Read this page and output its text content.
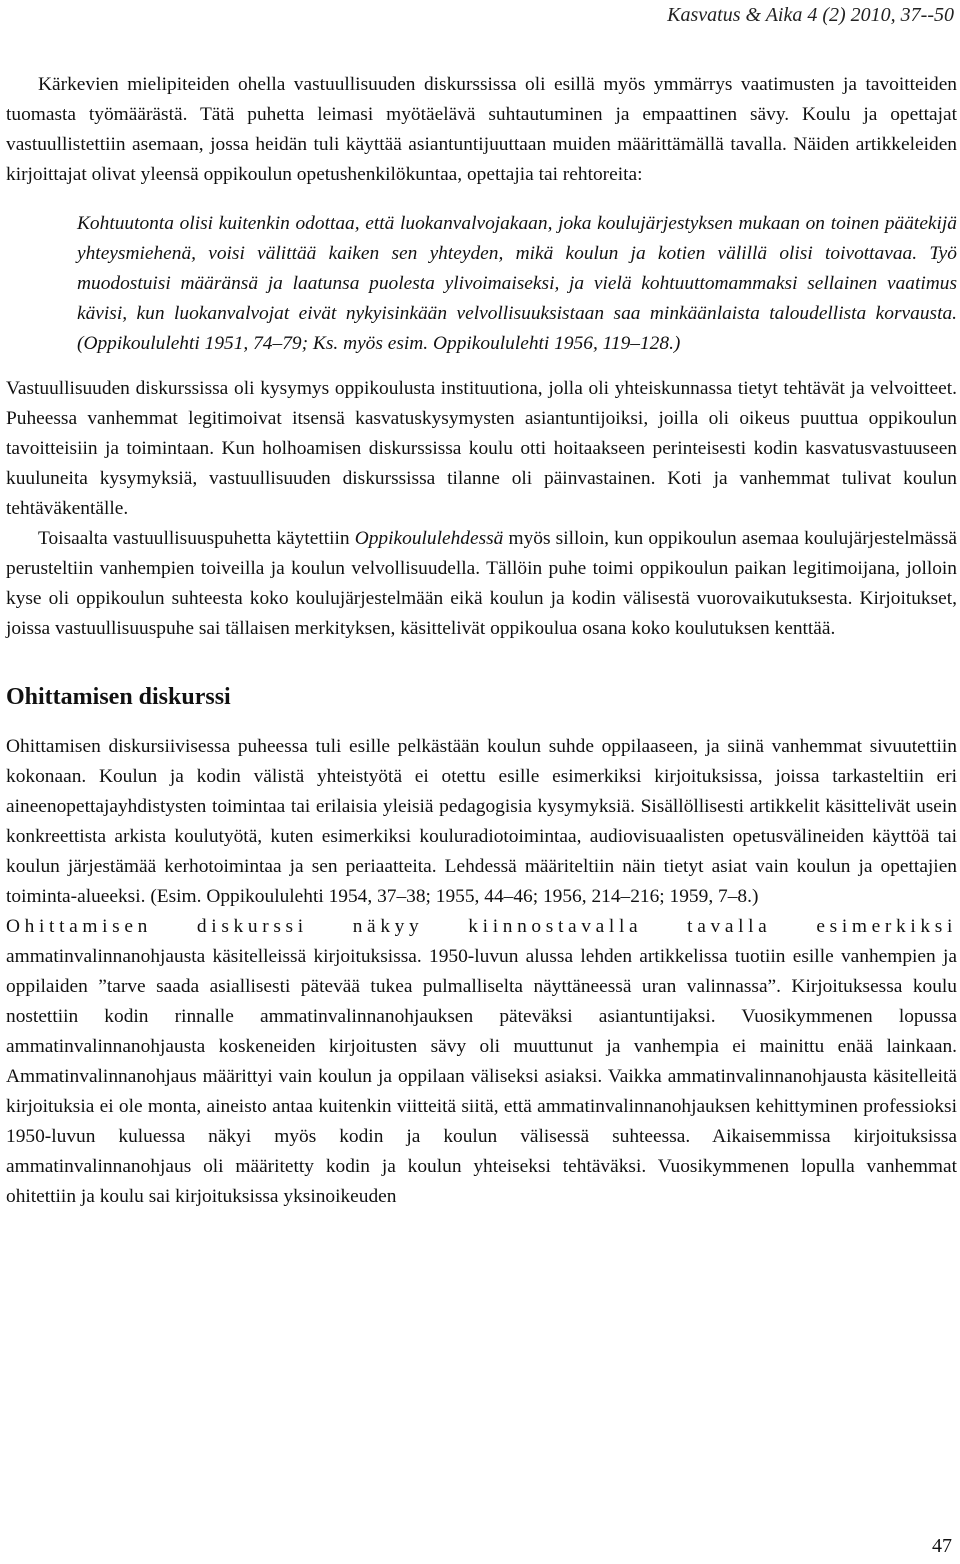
Kasvatus & Aika 4 (2) 2010, 37--50

Kärkevien mielipiteiden ohella vastuullisuuden diskurssissa oli esillä myös ymmärrys vaatimusten ja tavoitteiden tuomasta työmäärästä. Tätä puhetta leimasi myötäelävä suhtautuminen ja empaattinen sävy. Koulu ja opettajat vastuullistettiin asemaan, jossa heidän tuli käyttää asiantuntijuuttaan muiden määrittämällä tavalla. Näiden artikkeleiden kirjoittajat olivat yleensä oppikoulun opetushenkilökuntaa, opettajia tai rehtoreita:

Kohtuutonta olisi kuitenkin odottaa, että luokanvalvojakaan, joka koulujärjestyksen mukaan on toinen päätekijä yhteysmiehenä, voisi välittää kaiken sen yhteyden, mikä koulun ja kotien välillä olisi toivottavaa. Työ muodostuisi määränsä ja laatunsa puolesta ylivoimaiseksi, ja vielä kohtuuttomammaksi sellainen vaatimus kävisi, kun luokanvalvojat eivät nykyisinkään velvollisuuksistaan saa minkäänlaista taloudellista korvausta. (Oppikoululehti 1951, 74–79; Ks. myös esim. Oppikoululehti 1956, 119–128.)

Vastuullisuuden diskurssissa oli kysymys oppikoulusta instituutiona, jolla oli yhteiskunnassa tietyt tehtävät ja velvoitteet. Puheessa vanhemmat legitimoivat itsensä kasvatuskysymysten asiantuntijoiksi, joilla oli oikeus puuttua oppikoulun tavoitteisiin ja toimintaan. Kun holhoamisen diskurssissa koulu otti hoitaakseen perinteisesti kodin kasvatusvastuuseen kuuluneita kysymyksiä, vastuullisuuden diskurssissa tilanne oli päinvastainen. Koti ja vanhemmat tulivat koulun tehtäväkentälle.

Toisaalta vastuullisuuspuhetta käytettiin Oppikoululehdessä myös silloin, kun oppikoulun asemaa koulujärjestelmässä perusteltiin vanhempien toiveilla ja koulun velvollisuudella. Tällöin puhe toimi oppikoulun paikan legitimoijana, jolloin kyse oli oppikoulun suhteesta koko koulujärjestelmään eikä koulun ja kodin välisestä vuorovaikutuksesta. Kirjoitukset, joissa vastuullisuuspuhe sai tällaisen merkityksen, käsittelivät oppikoulua osana koko koulutuksen kenttää.

Ohittamisen diskurssi

Ohittamisen diskursiivisessa puheessa tuli esille pelkästään koulun suhde oppilaaseen, ja siinä vanhemmat sivuutettiin kokonaan. Koulun ja kodin välistä yhteistyötä ei otettu esille esimerkiksi kirjoituksissa, joissa tarkasteltiin eri aineenopettajayhdistysten toimintaa tai erilaisia yleisiä pedagogisia kysymyksiä. Sisällöllisesti artikkelit käsittelivät usein konkreettista arkista koulutyötä, kuten esimerkiksi kouluradiotoimintaa, audiovisuaalisten opetusvälineiden käyttöä tai koulun järjestämää kerhotoimintaa ja sen periaatteita. Lehdessä määriteltiin näin tietyt asiat vain koulun ja opettajien toiminta-alueeksi. (Esim. Oppikoululehti 1954, 37–38; 1955, 44–46; 1956, 214–216; 1959, 7–8.)

Ohittamisen diskurssi näkyy kiinnostavalla tavalla esimerkiksi ammatinvalinnanohjausta käsitelleissä kirjoituksissa. 1950-luvun alussa lehden artikkelissa tuotiin esille vanhempien ja oppilaiden ”tarve saada asiallisesti pätevää tukea pulmalliselta näyttäneessä uran valinnassa”. Kirjoituksessa koulu nostettiin kodin rinnalle ammatinvalinnanohjauksen päteväksi asiantuntijaksi. Vuosikymmenen lopussa ammatinvalinnanohjausta koskeneiden kirjoitusten sävy oli muuttunut ja vanhempia ei mainittu enää lainkaan. Ammatinvalinnanohjaus määrittyi vain koulun ja oppilaan väliseksi asiaksi. Vaikka ammatinvalinnanohjausta käsitelleitä kirjoituksia ei ole monta, aineisto antaa kuitenkin viitteitä siitä, että ammatinvalinnanohjauksen kehittyminen professioksi 1950-luvun kuluessa näkyi myös kodin ja koulun välisessä suhteessa. Aikaisemmissa kirjoituksissa ammatinvalinnanohjaus oli määritetty kodin ja koulun yhteiseksi tehtäväksi. Vuosikymmenen lopulla vanhemmat ohitettiin ja koulu sai kirjoituksissa yksinoikeuden

47
